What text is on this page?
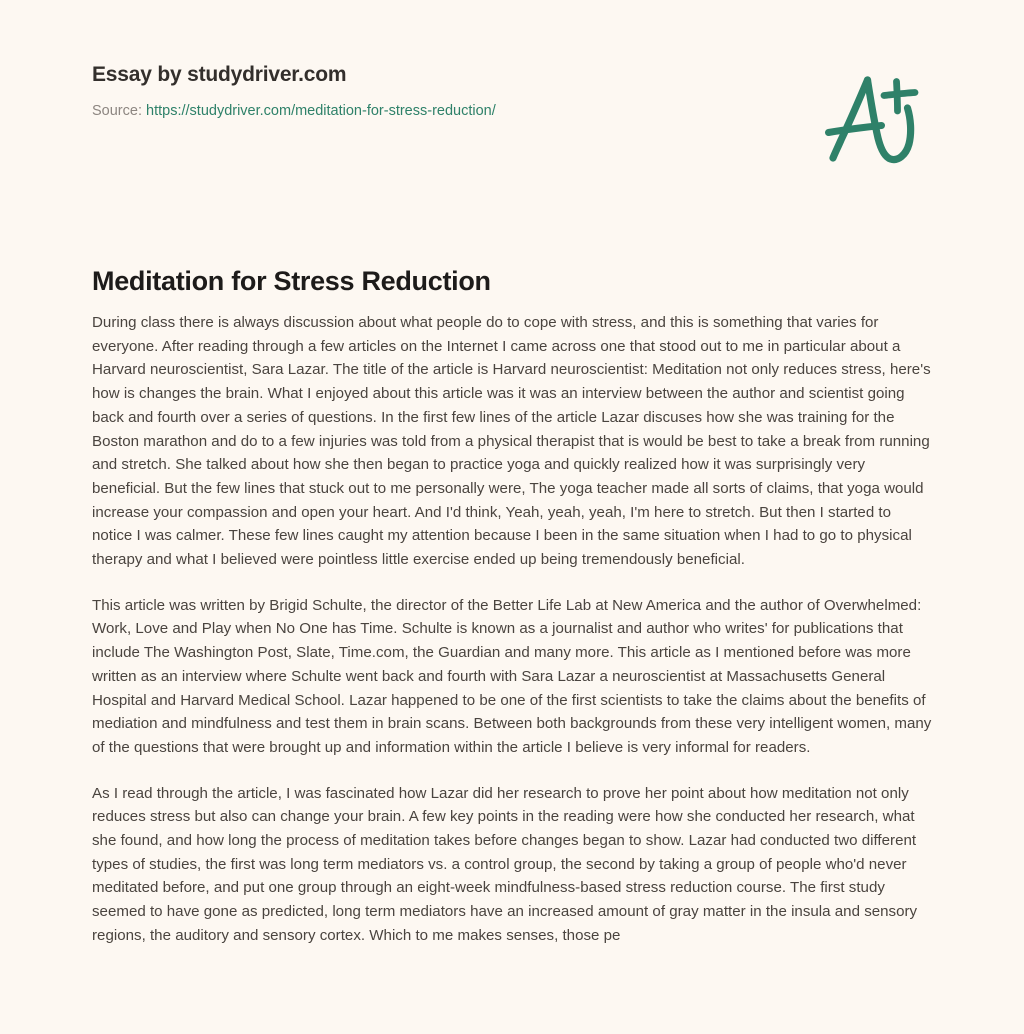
Essay by studydriver.com
Source: https://studydriver.com/meditation-for-stress-reduction/
Meditation for Stress Reduction

During class there is always discussion about what people do to cope with stress, and this is something that varies for everyone. After reading through a few articles on the Internet I came across one that stood out to me in particular about a Harvard neuroscientist, Sara Lazar. The title of the article is Harvard neuroscientist: Meditation not only reduces stress, here's how is changes the brain. What I enjoyed about this article was it was an interview between the author and scientist going back and fourth over a series of questions. In the first few lines of the article Lazar discuses how she was training for the Boston marathon and do to a few injuries was told from a physical therapist that is would be best to take a break from running and stretch. She talked about how she then began to practice yoga and quickly realized how it was surprisingly very beneficial. But the few lines that stuck out to me personally were, The yoga teacher made all sorts of claims, that yoga would increase your compassion and open your heart. And I'd think, Yeah, yeah, yeah, I'm here to stretch. But then I started to notice I was calmer. These few lines caught my attention because I been in the same situation when I had to go to physical therapy and what I believed were pointless little exercise ended up being tremendously beneficial.

This article was written by Brigid Schulte, the director of the Better Life Lab at New America and the author of Overwhelmed: Work, Love and Play when No One has Time. Schulte is known as a journalist and author who writes' for publications that include The Washington Post, Slate, Time.com, the Guardian and many more. This article as I mentioned before was more written as an interview where Schulte went back and fourth with Sara Lazar a neuroscientist at Massachusetts General Hospital and Harvard Medical School. Lazar happened to be one of the first scientists to take the claims about the benefits of mediation and mindfulness and test them in brain scans. Between both backgrounds from these very intelligent women, many of the questions that were brought up and information within the article I believe is very informal for readers.

As I read through the article, I was fascinated how Lazar did her research to prove her point about how meditation not only reduces stress but also can change your brain. A few key points in the reading were how she conducted her research, what she found, and how long the process of meditation takes before changes began to show. Lazar had conducted two different types of studies, the first was long term mediators vs. a control group, the second by taking a group of people who'd never meditated before, and put one group through an eight-week mindfulness-based stress reduction course. The first study seemed to have gone as predicted, long term mediators have an increased amount of gray matter in the insula and sensory regions, the auditory and sensory cortex. Which to me makes senses, those pe
